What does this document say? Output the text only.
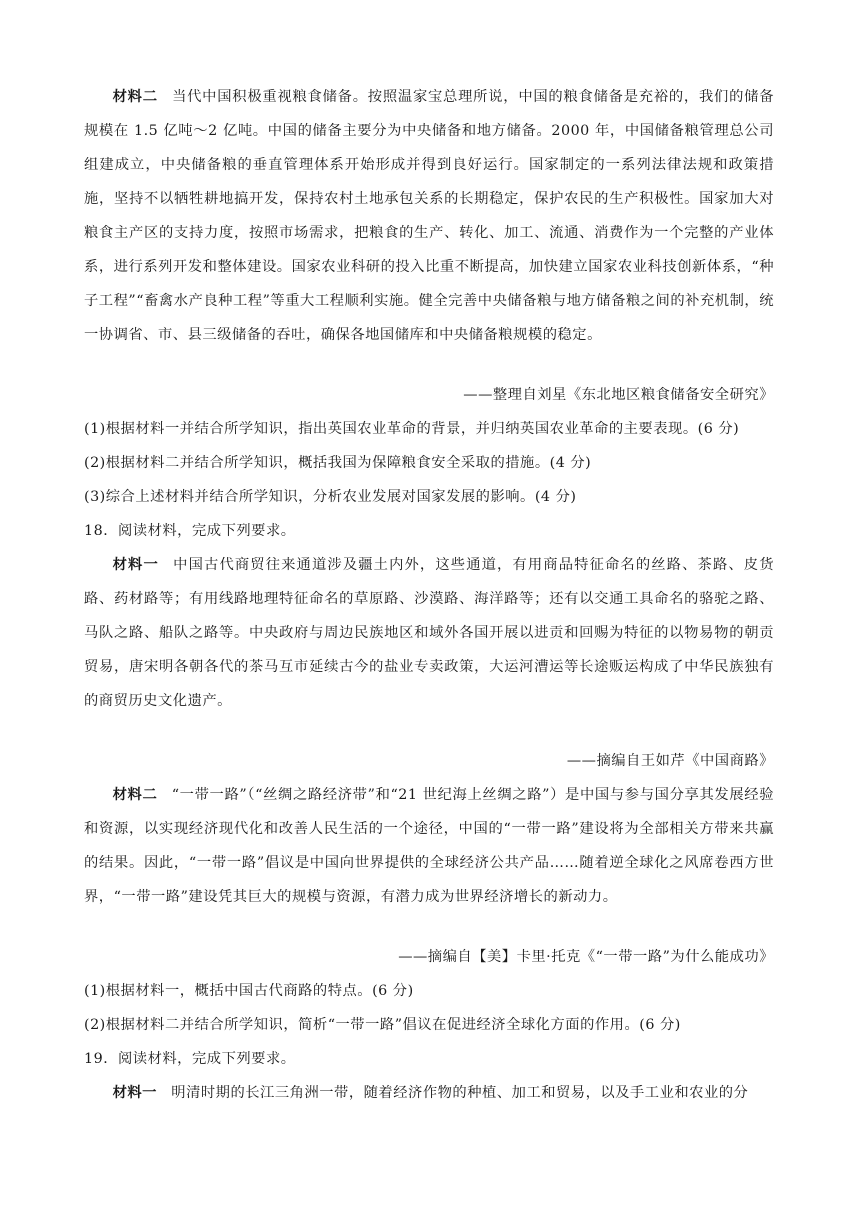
材料二 当代中国积极重视粮食储备。按照温家宝总理所说，中国的粮食储备是充裕的，我们的储备规模在 1.5 亿吨～2 亿吨。中国的储备主要分为中央储备和地方储备。2000 年，中国储备粮管理总公司组建成立，中央储备粮的垂直管理体系开始形成并得到良好运行。国家制定的一系列法律法规和政策措施，坚持不以牺牲耕地搞开发，保持农村土地承包关系的长期稳定，保护农民的生产积极性。国家加大对粮食主产区的支持力度，按照市场需求，把粮食的生产、转化、加工、流通、消费作为一个完整的产业体系，进行系列开发和整体建设。国家农业科研的投入比重不断提高，加快建立国家农业科技创新体系，“种子工程”“畜禽水产良种工程”等重大工程顺利实施。健全完善中央储备粮与地方储备粮之间的补充机制，统一协调省、市、县三级储备的吞吐，确保各地国储库和中央储备粮规模的稳定。

——整理自刘星《东北地区粮食储备安全研究》

(1)根据材料一并结合所学知识，指出英国农业革命的背景，并归纳英国农业革命的主要表现。(6 分)

(2)根据材料二并结合所学知识，概括我国为保障粮食安全采取的措施。(4 分)

(3)综合上述材料并结合所学知识，分析农业发展对国家发展的影响。(4 分)

18．阅读材料，完成下列要求。

材料一 中国古代商贸往来通道涉及疆土内外，这些通道，有用商品特征命名的丝路、茶路、皮货路、药材路等；有用线路地理特征命名的草原路、沙漠路、海洋路等；还有以交通工具命名的骆驼之路、马队之路、船队之路等。中央政府与周边民族地区和域外各国开展以进贡和回赐为特征的以物易物的朝贡贸易，唐宋明各朝各代的茶马互市延续古今的盐业专卖政策，大运河漕运等长途贩运构成了中华民族独有的商贸历史文化遗产。

——摘编自王如芹《中国商路》

材料二 “一带一路”（“丝绸之路经济带”和“21 世纪海上丝绸之路”）是中国与参与国分享其发展经验和资源，以实现经济现代化和改善人民生活的一个途径，中国的“一带一路”建设将为全部相关方带来共赢的结果。因此，“一带一路”倡议是中国向世界提供的全球经济公共产品……随着逆全球化之风席卷西方世界，“一带一路”建设凭其巨大的规模与资源，有潜力成为世界经济增长的新动力。

——摘编自【美】卡里·托克《“一带一路”为什么能成功》

(1)根据材料一，概括中国古代商路的特点。(6 分)

(2)根据材料二并结合所学知识，简析“一带一路”倡议在促进经济全球化方面的作用。(6 分)

19．阅读材料，完成下列要求。

材料一 明清时期的长江三角洲一带，随着经济作物的种植、加工和贸易，以及手工业和农业的分
